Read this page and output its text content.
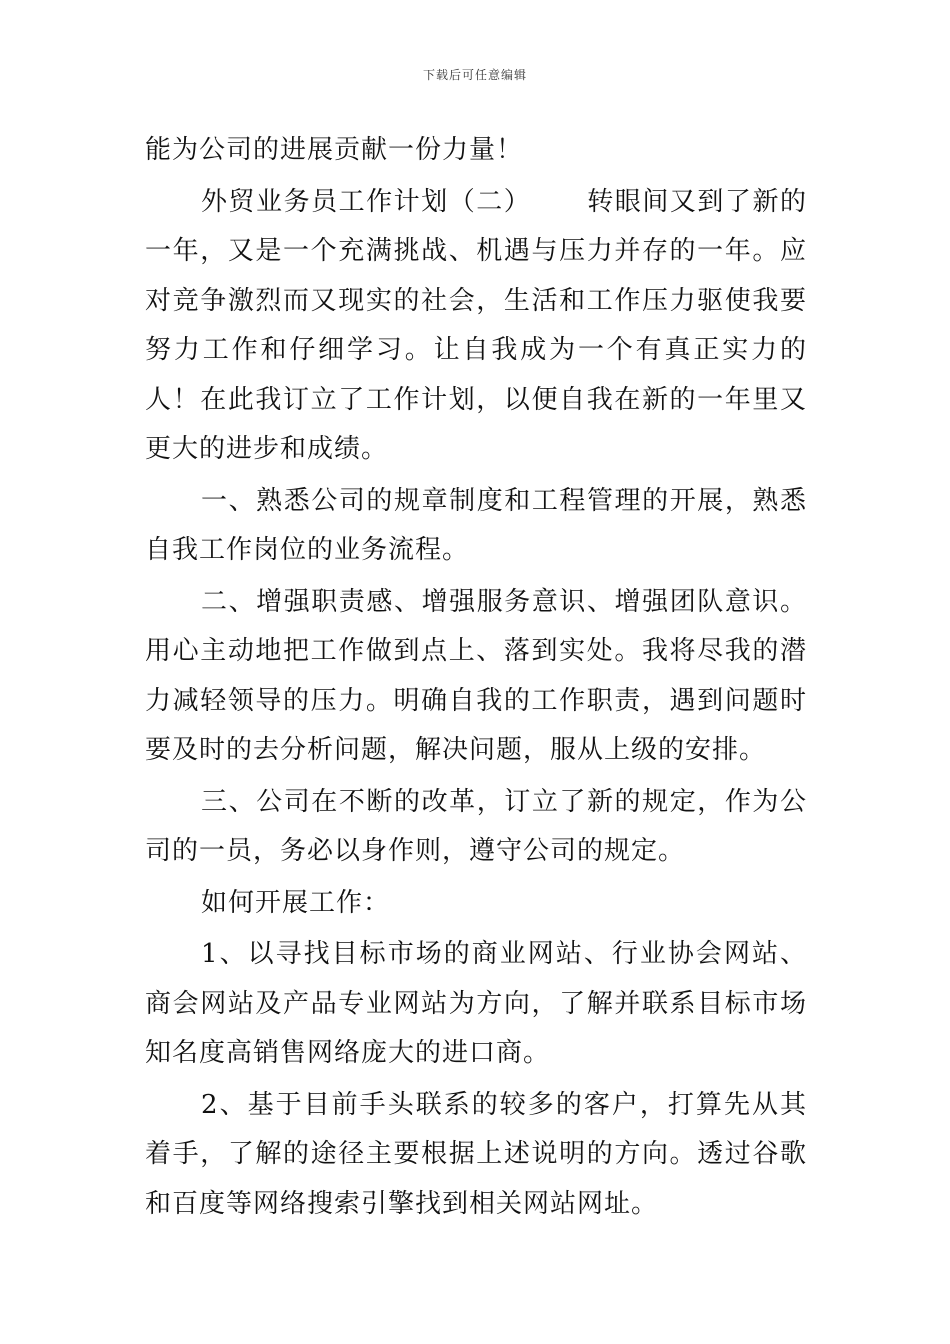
下载后可任意编辑

能为公司的进展贡献一份力量！

外贸业务员工作计划（二） 转眼间又到了新的一年，又是一个充满挑战、机遇与压力并存的一年。应对竞争激烈而又现实的社会，生活和工作压力驱使我要努力工作和仔细学习。让自我成为一个有真正实力的人！在此我订立了工作计划，以便自我在新的一年里又更大的进步和成绩。

一、熟悉公司的规章制度和工程管理的开展，熟悉自我工作岗位的业务流程。

二、增强职责感、增强服务意识、增强团队意识。用心主动地把工作做到点上、落到实处。我将尽我的潜力减轻领导的压力。明确自我的工作职责，遇到问题时要及时的去分析问题，解决问题，服从上级的安排。

三、公司在不断的改革，订立了新的规定，作为公司的一员，务必以身作则，遵守公司的规定。

如何开展工作：

1、以寻找目标市场的商业网站、行业协会网站、商会网站及产品专业网站为方向，了解并联系目标市场知名度高销售网络庞大的进口商。

2、基于目前手头联系的较多的客户，打算先从其着手，了解的途径主要根据上述说明的方向。透过谷歌和百度等网络搜索引擎找到相关网站网址。
